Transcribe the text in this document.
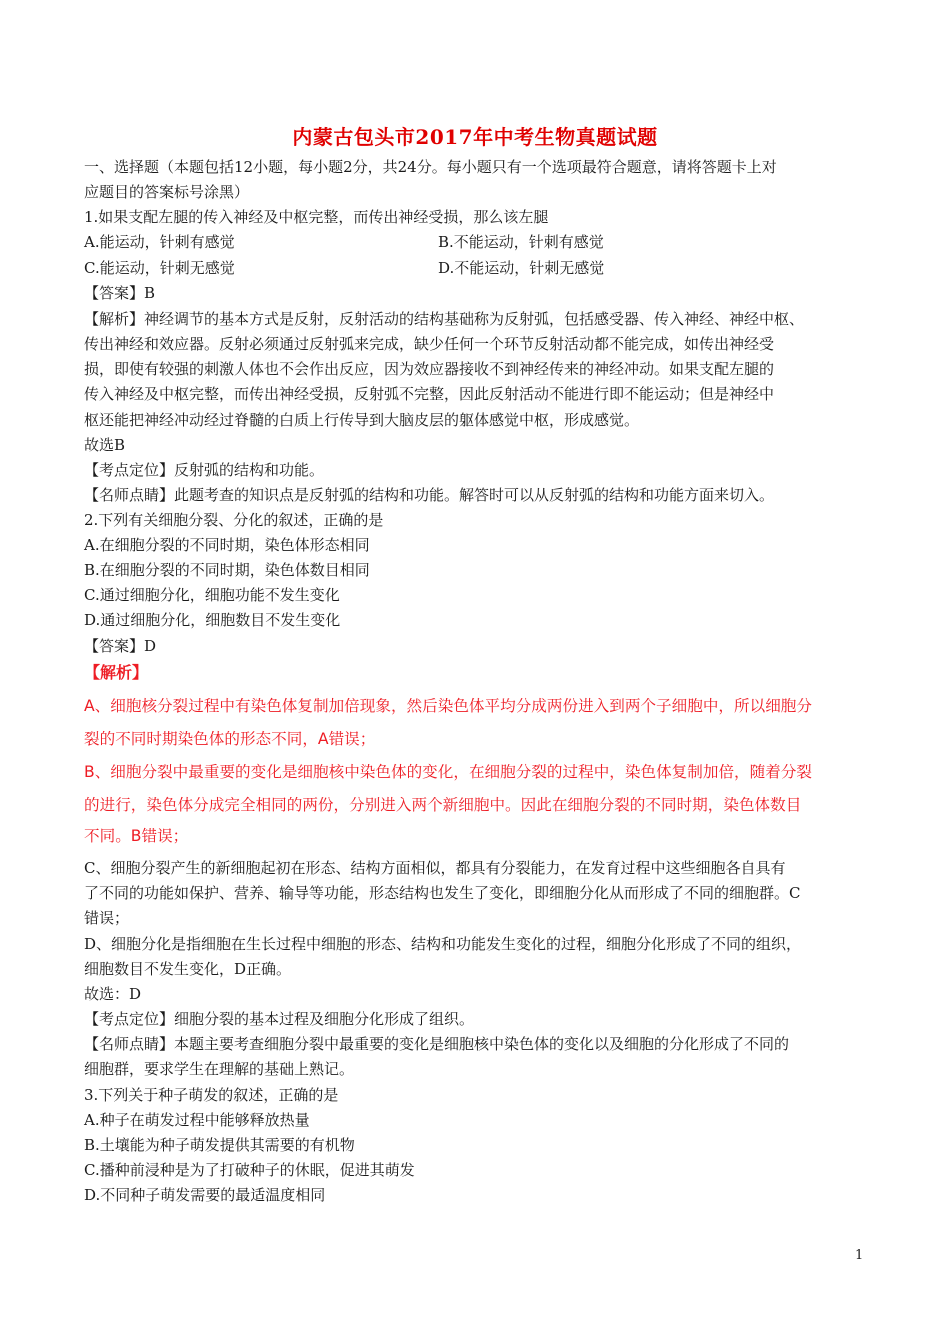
内蒙古包头市2017年中考生物真题试题
一、选择题（本题包括12小题，每小题2分，共24分。每小题只有一个选项最符合题意，请将答题卡上对
应题目的答案标号涂黑）
1.如果支配左腿的传入神经及中枢完整，而传出神经受损，那么该左腿
A.能运动，针刺有感觉	B.不能运动，针刺有感觉
C.能运动，针刺无感觉	D.不能运动，针刺无感觉
【答案】B
【解析】神经调节的基本方式是反射，反射活动的结构基础称为反射弧，包括感受器、传入神经、神经中枢、
传出神经和效应器。反射必须通过反射弧来完成，缺少任何一个环节反射活动都不能完成，如传出神经受
损，即使有较强的刺激人体也不会作出反应，因为效应器接收不到神经传来的神经冲动。如果支配左腿的
传入神经及中枢完整，而传出神经受损，反射弧不完整，因此反射活动不能进行即不能运动；但是神经中
枢还能把神经冲动经过脊髓的白质上行传导到大脑皮层的躯体感觉中枢，形成感觉。
故选B
【考点定位】反射弧的结构和功能。
【名师点睛】此题考查的知识点是反射弧的结构和功能。解答时可以从反射弧的结构和功能方面来切入。
2.下列有关细胞分裂、分化的叙述，正确的是
A.在细胞分裂的不同时期，染色体形态相同
B.在细胞分裂的不同时期，染色体数目相同
C.通过细胞分化，细胞功能不发生变化
D.通过细胞分化，细胞数目不发生变化
【答案】D
【解析】
A、细胞核分裂过程中有染色体复制加倍现象，然后染色体平均分成两份进入到两个子细胞中，所以细胞分
裂的不同时期染色体的形态不同，A错误；
B、细胞分裂中最重要的变化是细胞核中染色体的变化，在细胞分裂的过程中，染色体复制加倍，随着分裂
的进行，染色体分成完全相同的两份，分别进入两个新细胞中。因此在细胞分裂的不同时期，染色体数目
不同。B错误；
C、细胞分裂产生的新细胞起初在形态、结构方面相似，都具有分裂能力，在发育过程中这些细胞各自具有
了不同的功能如保护、营养、输导等功能，形态结构也发生了变化，即细胞分化从而形成了不同的细胞群。C
错误；
D、细胞分化是指细胞在生长过程中细胞的形态、结构和功能发生变化的过程，细胞分化形成了不同的组织，
细胞数目不发生变化，D正确。
故选：D
【考点定位】细胞分裂的基本过程及细胞分化形成了组织。
【名师点睛】本题主要考查细胞分裂中最重要的变化是细胞核中染色体的变化以及细胞的分化形成了不同的
细胞群，要求学生在理解的基础上熟记。
3.下列关于种子萌发的叙述，正确的是
A.种子在萌发过程中能够释放热量
B.土壤能为种子萌发提供其需要的有机物
C.播种前浸种是为了打破种子的休眠，促进其萌发
D.不同种子萌发需要的最适温度相同
1
